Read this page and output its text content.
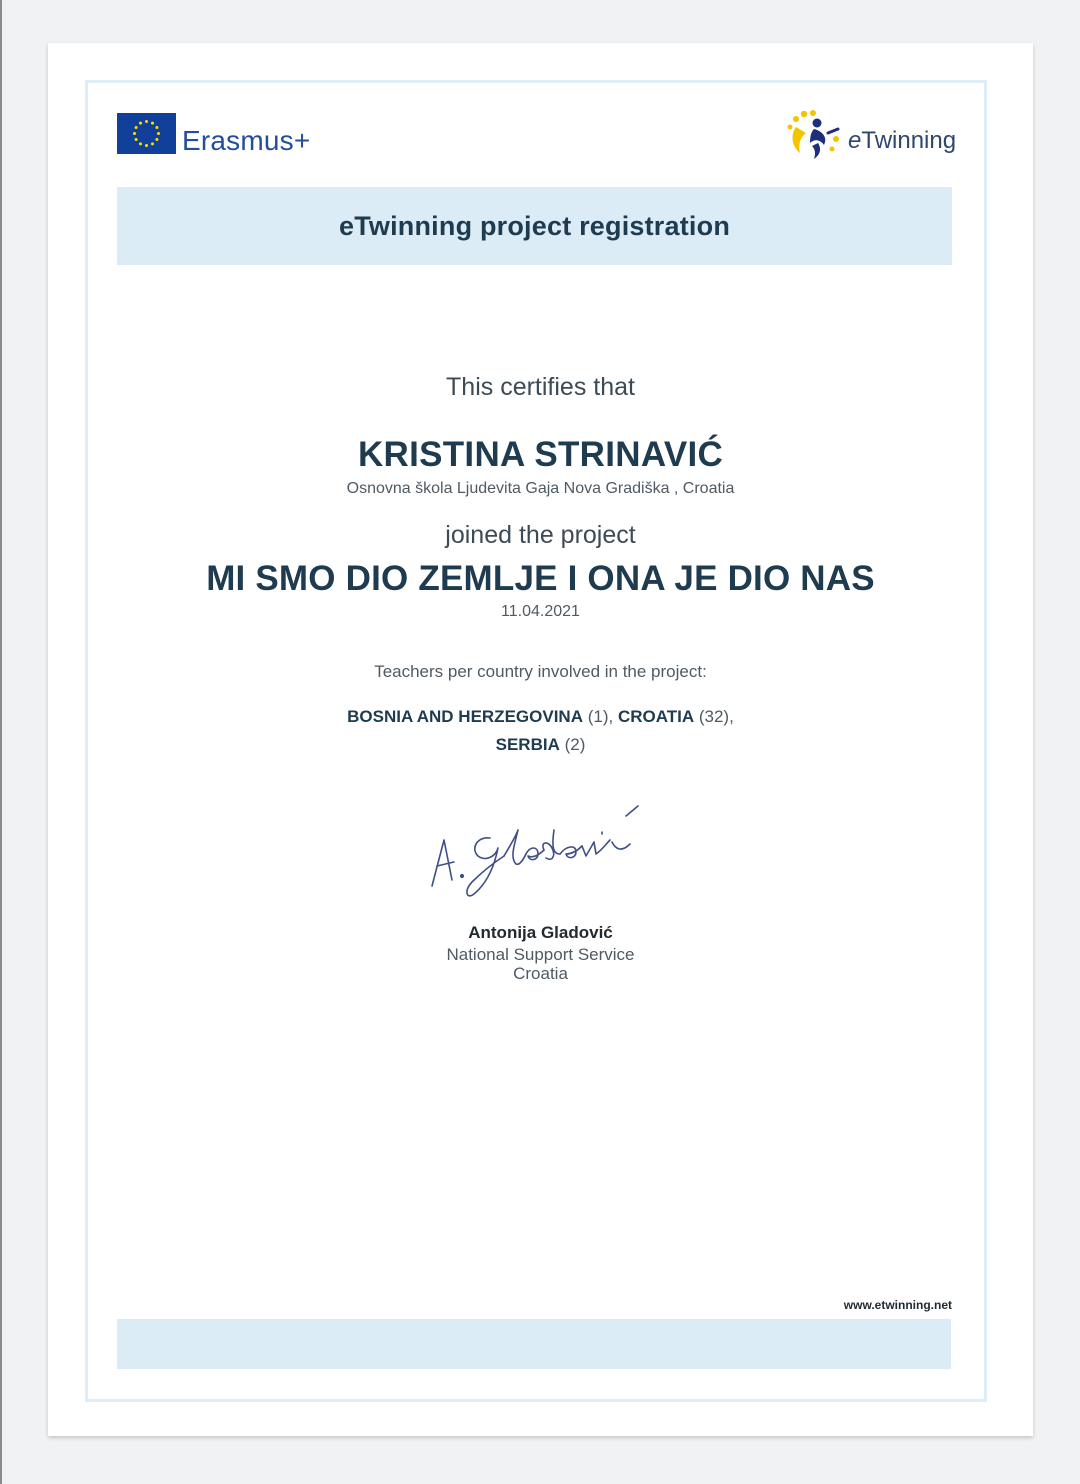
Erasmus+	eTwinning
eTwinning project registration
This certifies that
KRISTINA STRINAVIĆ
Osnovna škola Ljudevita Gaja Nova Gradiška , Croatia
joined the project
MI SMO DIO ZEMLJE I ONA JE DIO NAS
11.04.2021
Teachers per country involved in the project:
BOSNIA AND HERZEGOVINA (1), CROATIA (32),
SERBIA (2)
Antonija Gladović
National Support Service
Croatia
www.etwinning.net
